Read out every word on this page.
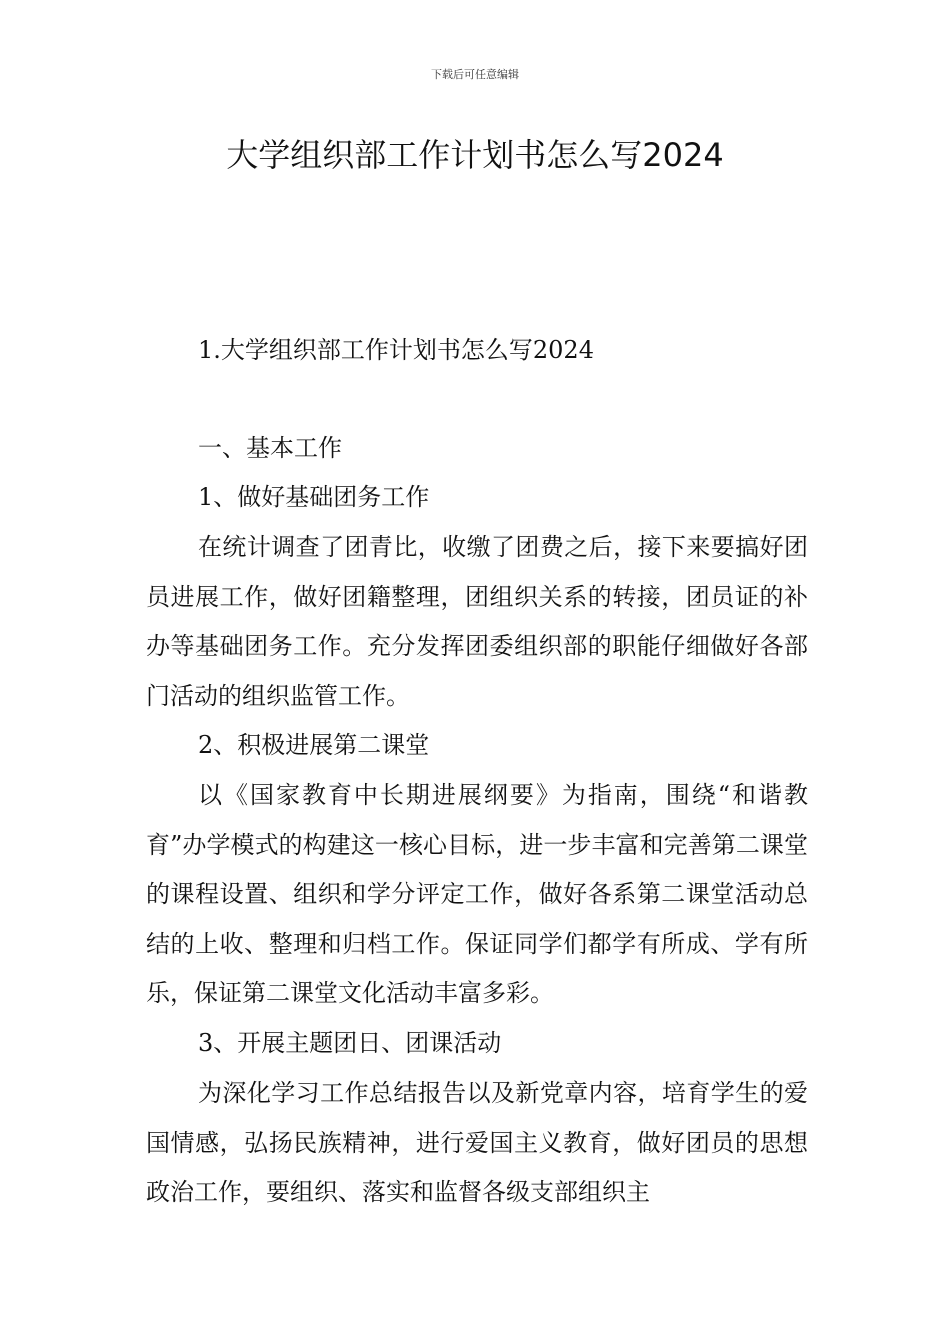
下载后可任意编辑
大学组织部工作计划书怎么写2024
1.大学组织部工作计划书怎么写2024
一、基本工作
1、做好基础团务工作

在统计调查了团青比，收缴了团费之后，接下来要搞好团员进展工作，做好团籍整理，团组织关系的转接，团员证的补办等基础团务工作。充分发挥团委组织部的职能仔细做好各部门活动的组织监管工作。

2、积极进展第二课堂

以《国家教育中长期进展纲要》为指南，围绕“和谐教育”办学模式的构建这一核心目标，进一步丰富和完善第二课堂的课程设置、组织和学分评定工作，做好各系第二课堂活动总结的上收、整理和归档工作。保证同学们都学有所成、学有所乐，保证第二课堂文化活动丰富多彩。

3、开展主题团日、团课活动

为深化学习工作总结报告以及新党章内容，培育学生的爱国情感，弘扬民族精神，进行爱国主义教育，做好团员的思想政治工作，要组织、落实和监督各级支部组织主
